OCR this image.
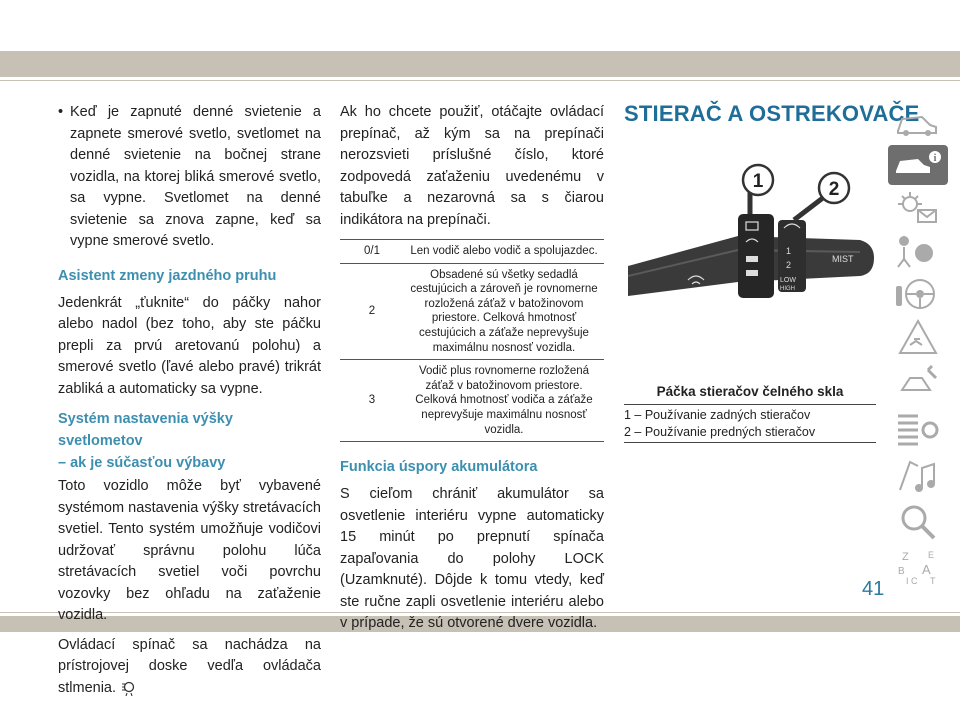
• Keď je zapnuté denné svietenie a zapnete smerové svetlo, svetlomet na denné svietenie na bočnej strane vozidla, na ktorej bliká smerové svetlo, sa vypne. Svetlomet na denné svietenie sa znova zapne, keď sa vypne smerové svetlo.
Asistent zmeny jazdného pruhu

Jedenkrát „ťuknite“ do páčky nahor alebo nadol (bez toho, aby ste páčku prepli za prvú aretovanú polohu) a smerové svetlo (ľavé alebo pravé) trikrát zabliká a automaticky sa vypne.

Systém nastavenia výšky svetlometov
– ak je súčasťou výbavy

Toto vozidlo môže byť vybavené systémom nastavenia výšky stretávacích svetiel. Tento systém umožňuje vodičovi udržovať správnu polohu lúča stretávacích svetiel voči povrchu vozovky bez ohľadu na zaťaženie vozidla.

Ovládací spínač sa nachádza na prístrojovej doske vedľa ovládača stlmenia.

Ak ho chcete použiť, otáčajte ovládací prepínač, až kým sa na prepínači nerozsvieti príslušné číslo, ktoré zodpovedá zaťaženiu uvedenému v tabuľke a nezarovná sa s čiarou indikátora na prepínači.

0/1	Len vodič alebo vodič a spolujazdec.
2	Obsadené sú všetky sedadlá cestujúcich a zároveň je rovnomerne rozložená záťaž v batožinovom priestore. Celková hmotnosť cestujúcich a záťaže neprevyšuje maximálnu nosnosť vozidla.
3	Vodič plus rovnomerne rozložená záťaž v batožinovom priestore. Celková hmotnosť vodiča a záťaže neprevyšuje maximálnu nosnosť vozidla.
Funkcia úspory akumulátora

S cieľom chrániť akumulátor sa osvetlenie interiéru vypne automaticky 15 minút po prepnutí spínača zapaľovania do polohy LOCK (Uzamknuté). Dôjde k tomu vtedy, keď ste ručne zapli osvetlenie interiéru alebo v prípade, že sú otvorené dvere vozidla.

STIERAČ A OSTREKOVAČE
1
2
LOW
HIGH
MIST
1	2
Páčka stieračov čelného skla
1 – Používanie zadných stieračov
2 – Používanie predných stieračov
i
Z E
B A
I C T
41
